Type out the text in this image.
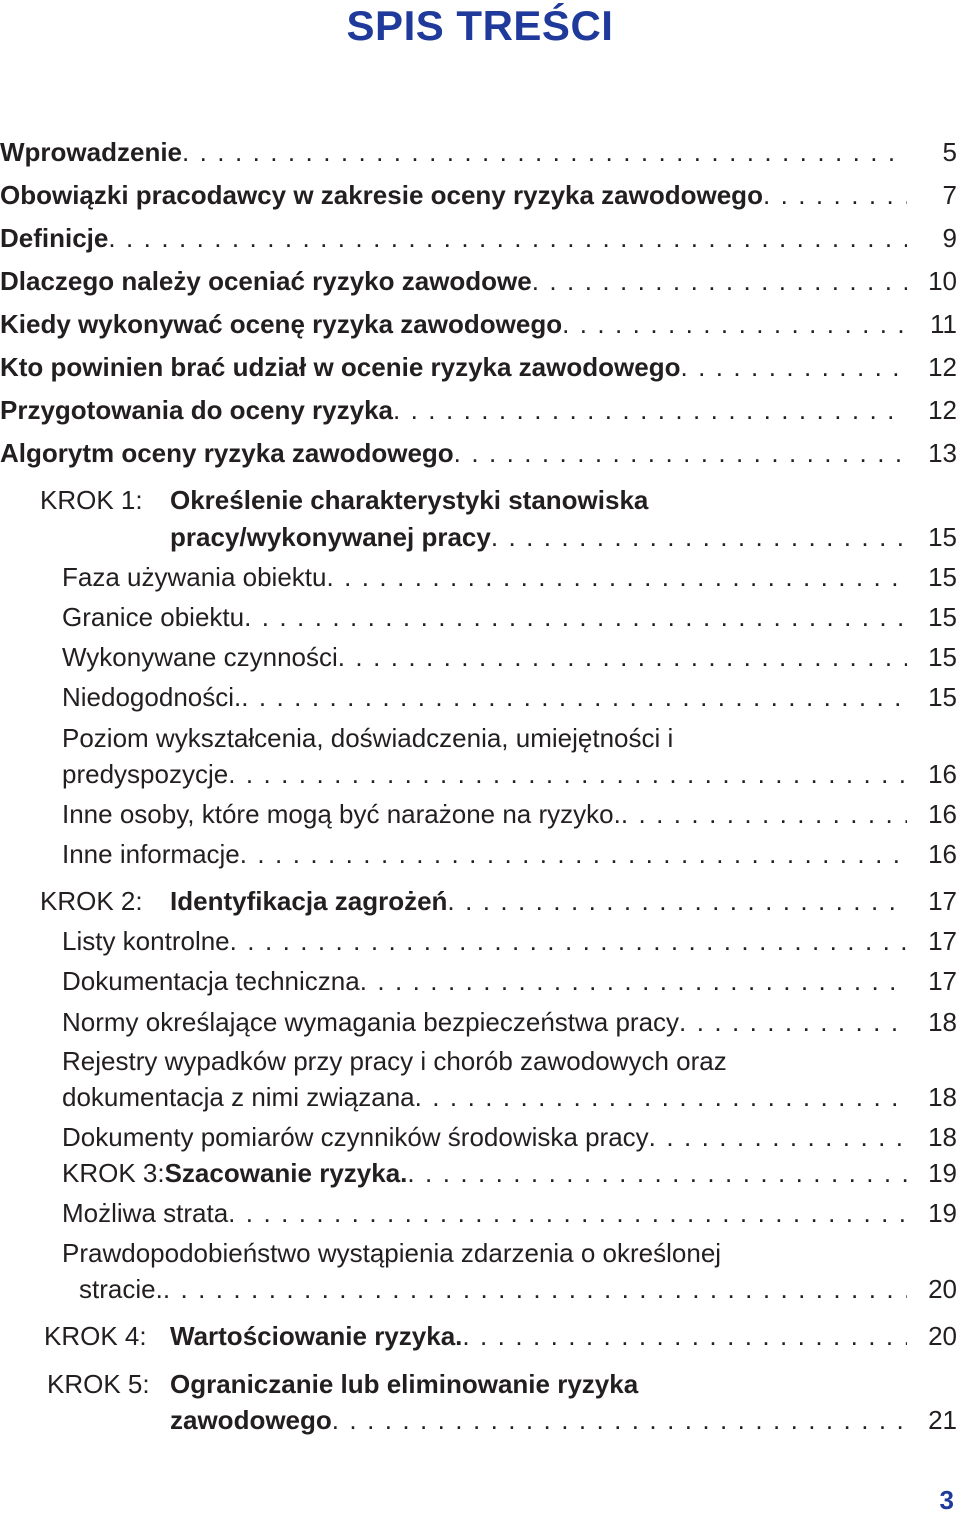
SPIS TREŚCI
Wprowadzenie . . .	5
Obowiązki pracodawcy w zakresie oceny ryzyka zawodowego . . .	7
Definicje . . .	9
Dlaczego należy oceniać ryzyko zawodowe . . .	10
Kiedy wykonywać ocenę ryzyka zawodowego . . .	11
Kto powinien brać udział w ocenie ryzyka zawodowego . . .	12
Przygotowania do oceny ryzyka . . .	12
Algorytm oceny ryzyka zawodowego . . .	13
KROK 1: Określenie charakterystyki stanowiska
pracy/wykonywanej pracy . . .	15
Faza używania obiektu . . .	15
Granice obiektu . . .	15
Wykonywane czynności . . .	15
Niedogodności. . . .	15
Poziom wykształcenia, doświadczenia, umiejętności i
predyspozycje . . .	16
Inne osoby, które mogą być narażone na ryzyko. . . .	16
Inne informacje . . .	16
KROK 2: Identyfikacja zagrożeń . . .	17
Listy kontrolne . . .	17
Dokumentacja techniczna . . .	17
Normy określające wymagania bezpieczeństwa pracy . . .	18
Rejestry wypadków przy pracy i chorób zawodowych oraz
dokumentacja z nimi związana . . .	18
Dokumenty pomiarów czynników środowiska pracy . . .	18
KROK 3:Szacowanie ryzyka. . . .	19
Możliwa strata . . .	19
Prawdopodobieństwo wystąpienia zdarzenia o określonej
stracie. . . .	20
KROK 4: Wartościowanie ryzyka. . . .	20
KROK 5: Ograniczanie lub eliminowanie ryzyka
zawodowego . . .	21
3
